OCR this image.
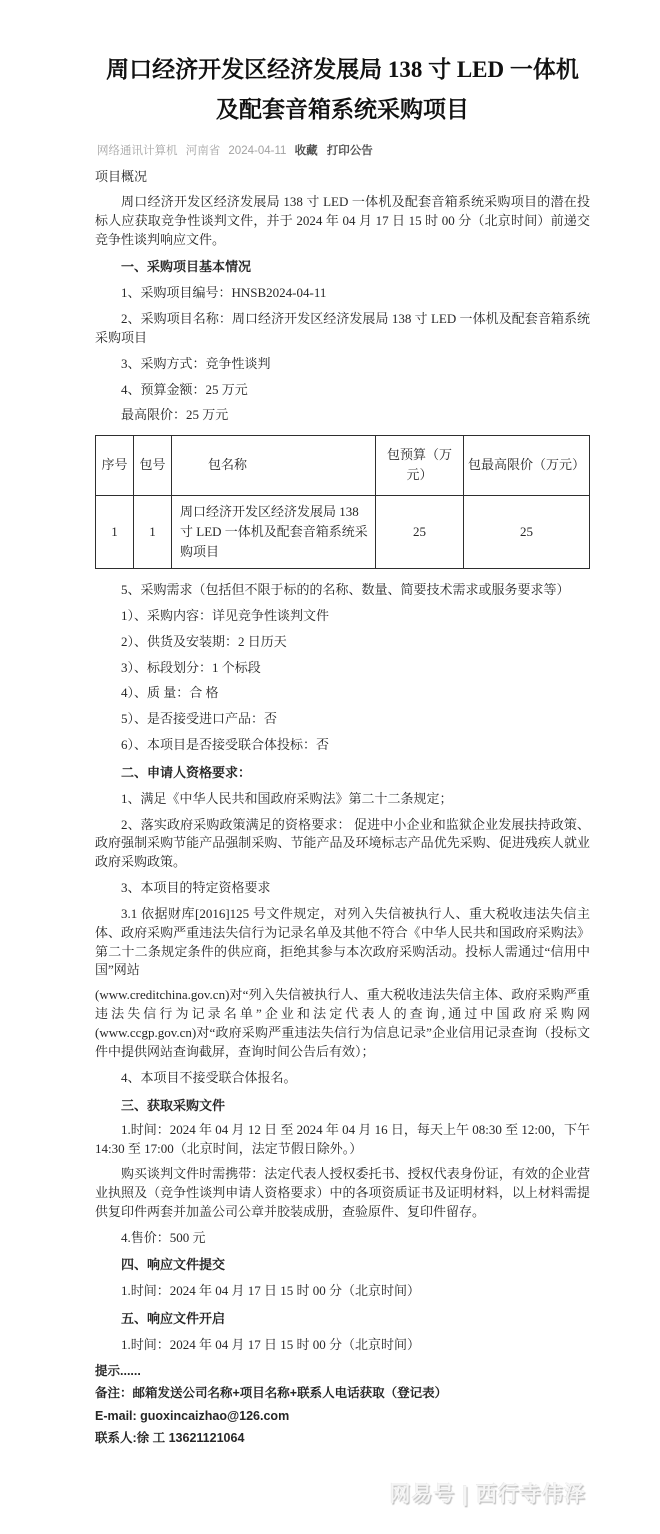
周口经济开发区经济发展局 138 寸 LED 一体机
及配套音箱系统采购项目
网络通讯计算机 河南省 2024-04-11 收藏 打印公告

项目概况

周口经济开发区经济发展局 138 寸 LED 一体机及配套音箱系统采购项目的潜在投标人应获取竞争性谈判文件，并于 2024 年 04 月 17 日 15 时 00 分（北京时间）前递交竞争性谈判响应文件。

一、采购项目基本情况

1、采购项目编号：HNSB2024-04-11

2、采购项目名称：周口经济开发区经济发展局 138 寸 LED 一体机及配套音箱系统采购项目

3、采购方式：竞争性谈判

4、预算金额：25 万元

最高限价：25 万元

序号	包号	包名称	包预算（万元）	包最高限价（万元）
1	1	周口经济开发区经济发展局 138 寸 LED 一体机及配套音箱系统采购项目	25	25

5、采购需求（包括但不限于标的的名称、数量、简要技术需求或服务要求等）

1）、采购内容：详见竞争性谈判文件

2）、供货及安装期：2 日历天

3）、标段划分：1 个标段

4）、质 量：合 格

5）、是否接受进口产品：否

6）、本项目是否接受联合体投标：否

二、申请人资格要求：

1、满足《中华人民共和国政府采购法》第二十二条规定；

2、落实政府采购政策满足的资格要求： 促进中小企业和监狱企业发展扶持政策、政府强制采购节能产品强制采购、节能产品及环境标志产品优先采购、促进残疾人就业政府采购政策。

3、本项目的特定资格要求

3.1 依据财库[2016]125 号文件规定，对列入失信被执行人、重大税收违法失信主体、政府采购严重违法失信行为记录名单及其他不符合《中华人民共和国政府采购法》第二十二条规定条件的供应商，拒绝其参与本次政府采购活动。投标人需通过“信用中国”网站

(www.creditchina.gov.cn)对“列入失信被执行人、重大税收违法失信主体、政府采购严重违法失信行为记录名单”企业和法定代表人的查询,通过中国政府采购网(www.ccgp.gov.cn)对“政府采购严重违法失信行为信息记录”企业信用记录查询（投标文件中提供网站查询截屏，查询时间公告后有效）；

4、本项目不接受联合体报名。

三、获取采购文件

1.时间：2024 年 04 月 12 日 至 2024 年 04 月 16 日，每天上午 08:30 至 12:00，下午 14:30 至 17:00（北京时间，法定节假日除外。）

购买谈判文件时需携带：法定代表人授权委托书、授权代表身份证，有效的企业营业执照及（竞争性谈判申请人资格要求）中的各项资质证书及证明材料，以上材料需提供复印件两套并加盖公司公章并胶装成册，查验原件、复印件留存。

4.售价：500 元

四、响应文件提交

1.时间：2024 年 04 月 17 日 15 时 00 分（北京时间）

五、响应文件开启

1.时间：2024 年 04 月 17 日 15 时 00 分（北京时间）

提示......

备注：邮箱发送公司名称+项目名称+联系人电话获取（登记表）

E-mail: guoxincaizhao@126.com

联系人:徐 工 13621121064

网易号 | 西行寺伟泽
